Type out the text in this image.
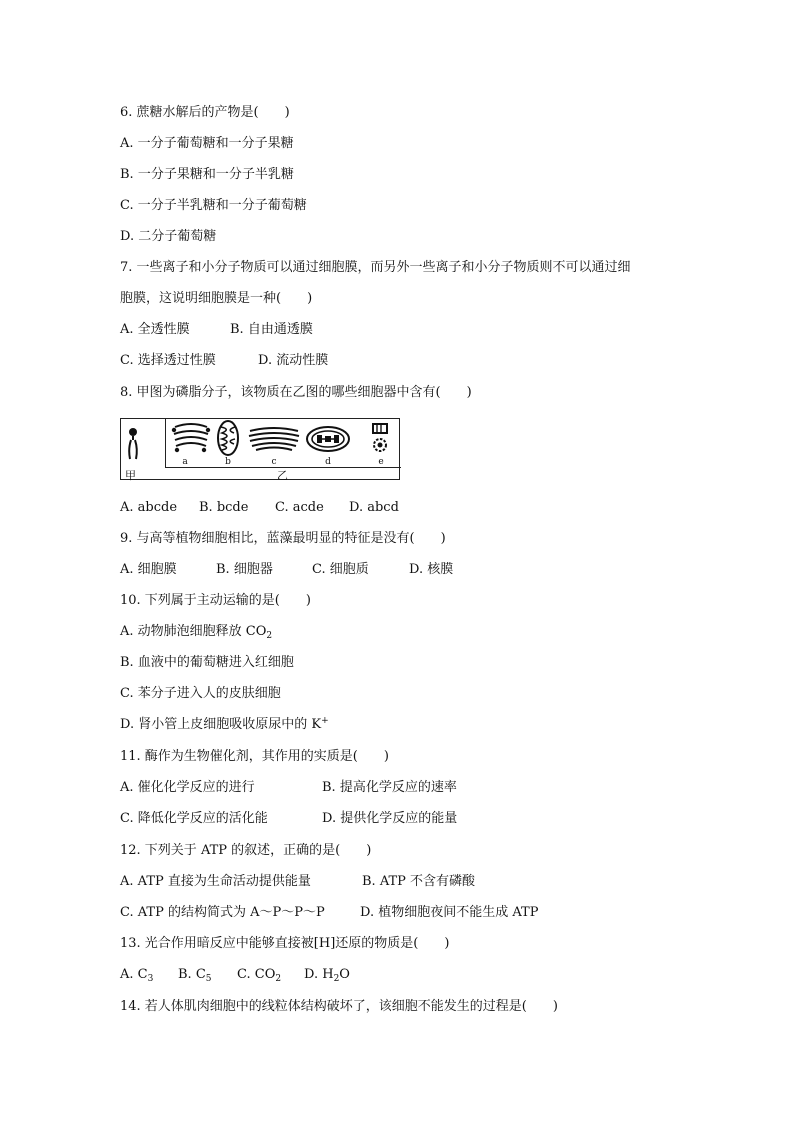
6. 蔗糖水解后的产物是(　　)
A. 一分子葡萄糖和一分子果糖
B. 一分子果糖和一分子半乳糖
C. 一分子半乳糖和一分子葡萄糖
D. 二分子葡萄糖
7. 一些离子和小分子物质可以通过细胞膜，而另外一些离子和小分子物质则不可以通过细
胞膜，这说明细胞膜是一种(　　)
A. 全透性膜	B. 自由通透膜
C. 选择透过性膜	D. 流动性膜
8. 甲图为磷脂分子，该物质在乙图的哪些细胞器中含有(　　)
甲
a	b	c	d	e
乙
A. abcde B. bcde C. acde D. abcd
9. 与高等植物细胞相比，蓝藻最明显的特征是没有(　　)
A. 细胞膜	B. 细胞器	C. 细胞质	D. 核膜
10. 下列属于主动运输的是(　　)
A. 动物肺泡细胞释放 $CO_2$
B. 血液中的葡萄糖进入红细胞
C. 苯分子进入人的皮肤细胞
D. 肾小管上皮细胞吸收原尿中的 K+
11. 酶作为生物催化剂，其作用的实质是(　　)
A. 催化化学反应的进行	B. 提高化学反应的速率
C. 降低化学反应的活化能	D. 提供化学反应的能量
12. 下列关于 ATP 的叙述，正确的是(　　)
A. ATP 直接为生命活动提供能量	B. ATP 不含有磷酸
C. ATP 的结构简式为 A～P～P～P	D. 植物细胞夜间不能生成 ATP
13. 光合作用暗反应中能够直接被[H]还原的物质是(　　)
A. $C_3$ B. $C_5$ C. $CO_2$ D. $H_2O$
14. 若人体肌肉细胞中的线粒体结构破坏了，该细胞不能发生的过程是(　　)
